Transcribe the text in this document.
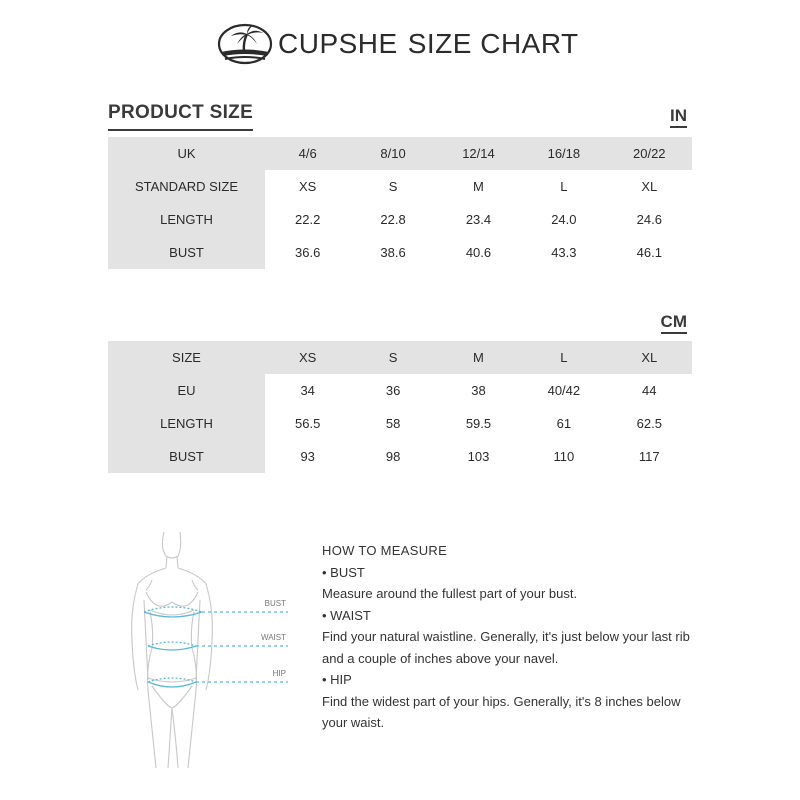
CUPSHE SIZE CHART
PRODUCT SIZE	IN
CM
UK	4/6	8/10	12/14	16/18	20/22
STANDARD SIZE	XS	S	M	L	XL
LENGTH	22.2	22.8	23.4	24.0	24.6
BUST	36.6	38.6	40.6	43.3	46.1
SIZE	XS	S	M	L	XL
EU	34	36	38	40/42	44
LENGTH	56.5	58	59.5	61	62.5
BUST	93	98	103	110	117
BUST
WAIST
HIP

HOW TO MEASURE

• BUST

Measure around the fullest part of your bust.

• WAIST

Find your natural waistline. Generally, it's just below your last rib and a couple of inches above your navel.

• HIP

Find the widest part of your hips. Generally, it's 8 inches below your waist.
